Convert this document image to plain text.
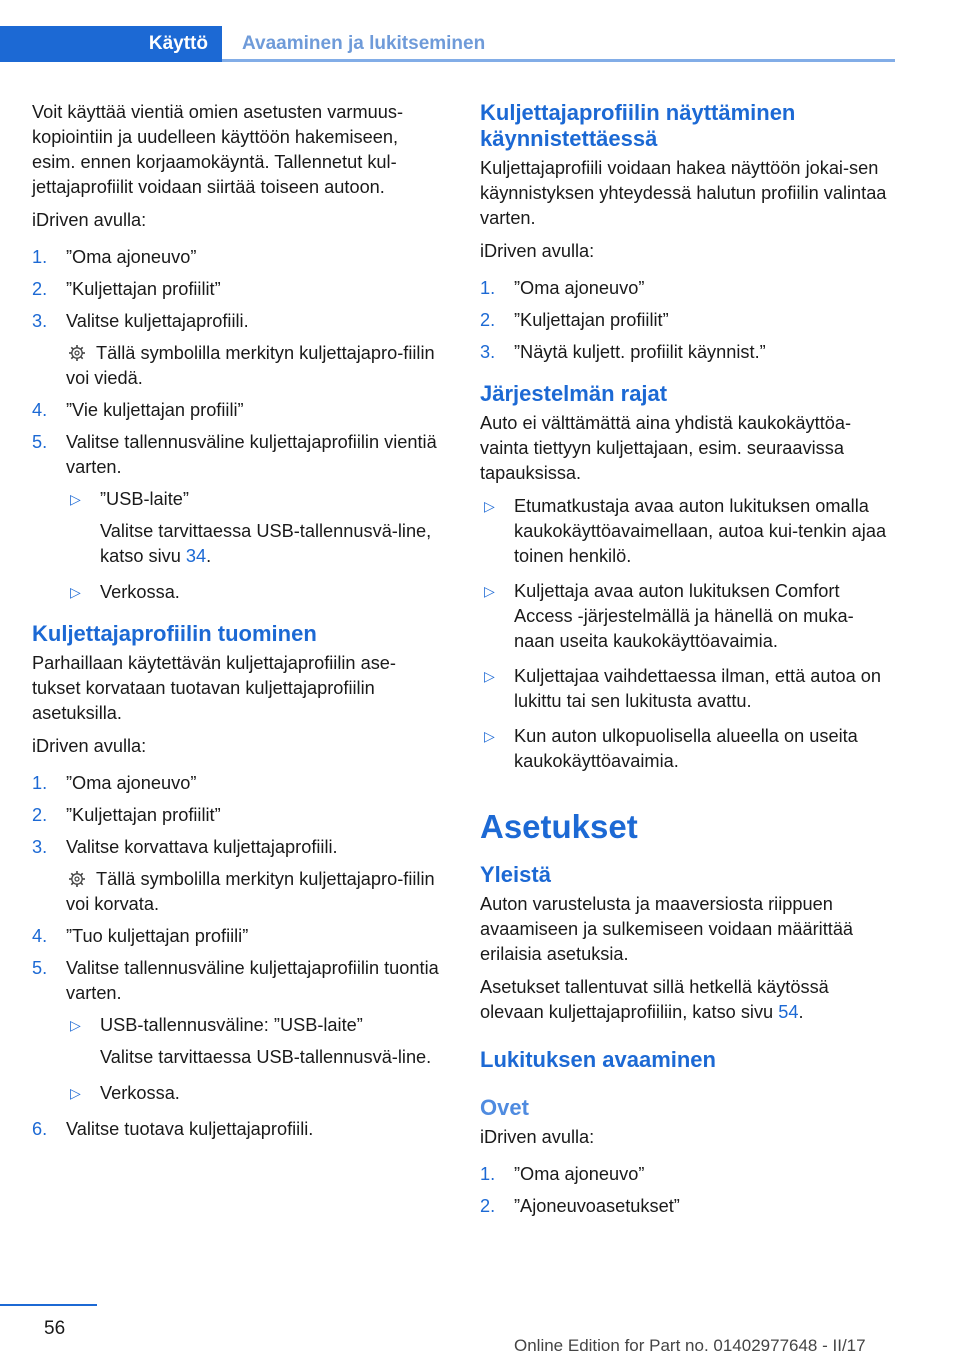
Käyttö	Avaaminen ja lukitseminen

Voit käyttää vientiä omien asetusten varmuus-kopiointiin ja uudelleen käyttöön hakemiseen, esim. ennen korjaamokäyntä. Tallennetut kul-jettajaprofiilit voidaan siirtää toiseen autoon.

iDriven avulla:

1. ”Oma ajoneuvo”
2. ”Kuljettajan profiilit”
3. Valitse kuljettajaprofiili.
Tällä symbolilla merkityn kuljettajapro-fiilin voi viedä.
4. ”Vie kuljettajan profiili”
5. Valitse tallennusväline kuljettajaprofiilin vientiä varten.
▷ ”USB-laite”
Valitse tarvittaessa USB-tallennusvä-line, katso sivu 34.
▷ Verkossa.
Kuljettajaprofiilin tuominen

Parhaillaan käytettävän kuljettajaprofiilin ase-tukset korvataan tuotavan kuljettajaprofiilin asetuksilla.

iDriven avulla:

1. ”Oma ajoneuvo”
2. ”Kuljettajan profiilit”
3. Valitse korvattava kuljettajaprofiili.
Tällä symbolilla merkityn kuljettajapro-fiilin voi korvata.
4. ”Tuo kuljettajan profiili”
5. Valitse tallennusväline kuljettajaprofiilin tuontia varten.
▷ USB-tallennusväline: ”USB-laite”
Valitse tarvittaessa USB-tallennusvä-line.
▷ Verkossa.
6. Valitse tuotava kuljettajaprofiili.
Kuljettajaprofiilin näyttäminen käynnistettäessä

Kuljettajaprofiili voidaan hakea näyttöön jokai-sen käynnistyksen yhteydessä halutun profiilin valintaa varten.

iDriven avulla:

1. ”Oma ajoneuvo”
2. ”Kuljettajan profiilit”
3. ”Näytä kuljett. profiilit käynnist.”
Järjestelmän rajat

Auto ei välttämättä aina yhdistä kaukokäyttöa-vainta tiettyyn kuljettajaan, esim. seuraavissa tapauksissa.

▷ Etumatkustaja avaa auton lukituksen omalla kaukokäyttöavaimellaan, autoa kui-tenkin ajaa toinen henkilö.
▷ Kuljettaja avaa auton lukituksen Comfort Access -järjestelmällä ja hänellä on muka-naan useita kaukokäyttöavaimia.
▷ Kuljettajaa vaihdettaessa ilman, että autoa on lukittu tai sen lukitusta avattu.
▷ Kun auton ulkopuolisella alueella on useita kaukokäyttöavaimia.
Asetukset
Yleistä

Auton varustelusta ja maaversiosta riippuen avaamiseen ja sulkemiseen voidaan määrittää erilaisia asetuksia.

Asetukset tallentuvat sillä hetkellä käytössä olevaan kuljettajaprofiiliin, katso sivu 54.

Lukituksen avaaminen
Ovet

iDriven avulla:

1. ”Oma ajoneuvo”
2. ”Ajoneuvoasetukset”
56
Online Edition for Part no. 01402977648 - II/17
